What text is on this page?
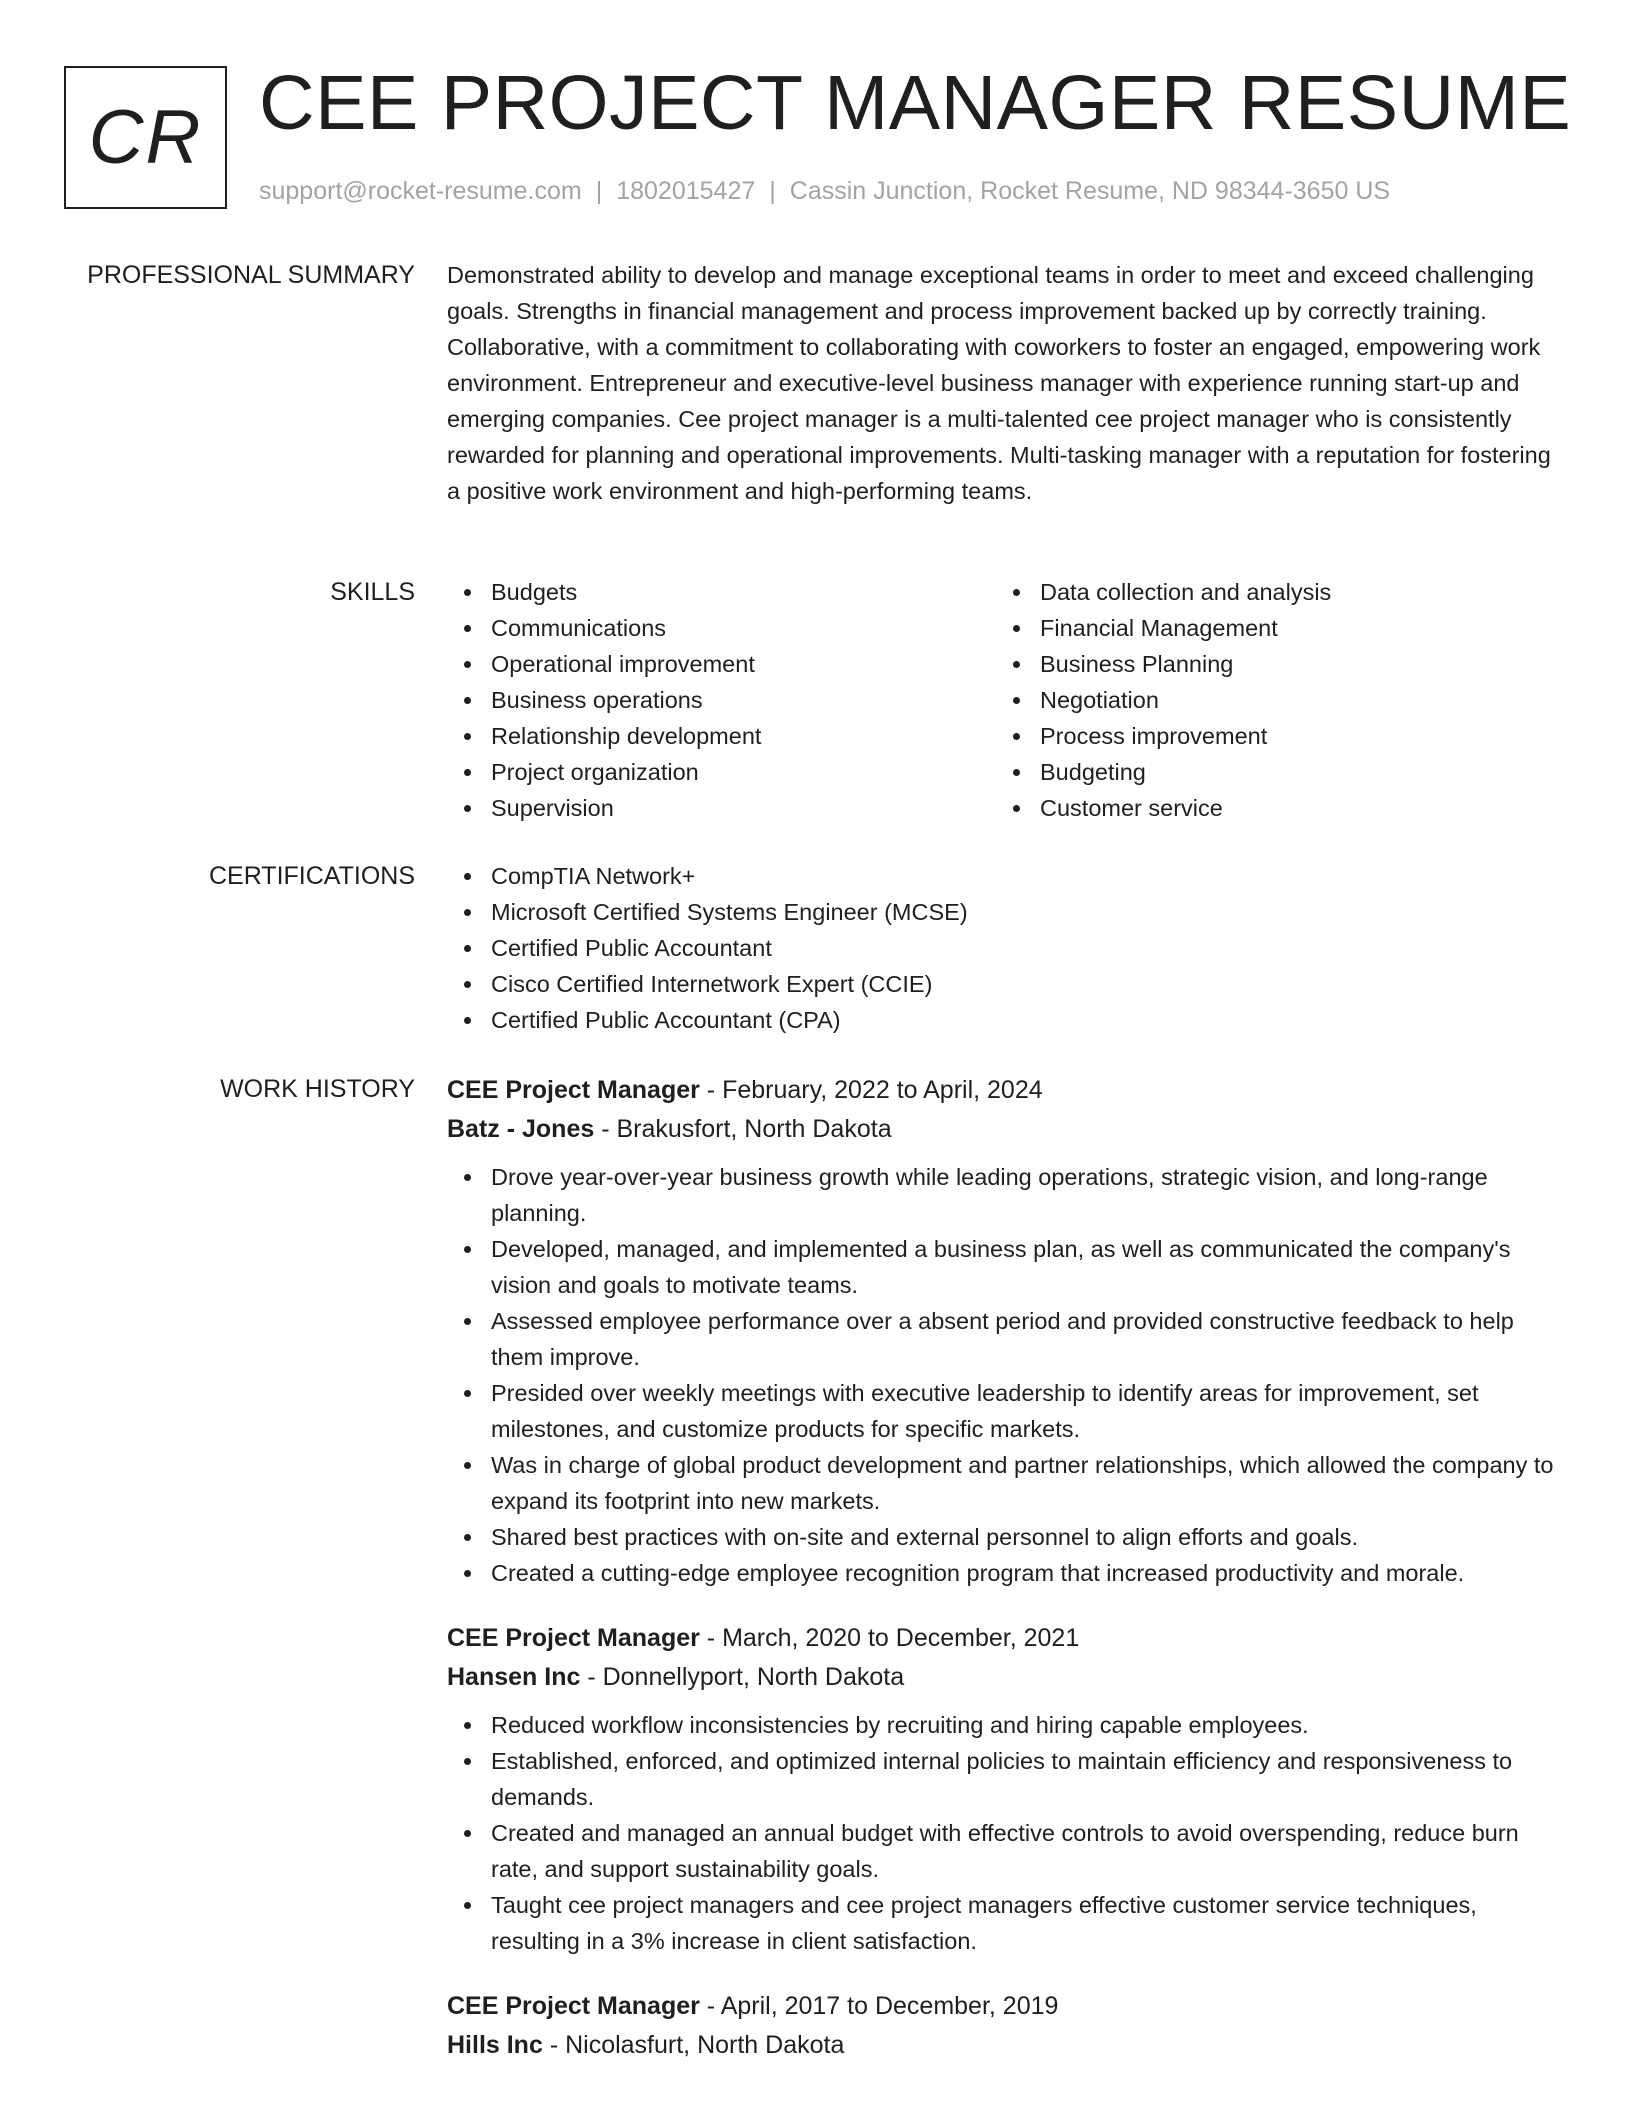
CR CEE PROJECT MANAGER RESUME
support@rocket-resume.com | 1802015427 | Cassin Junction, Rocket Resume, ND 98344-3650 US
PROFESSIONAL SUMMARY Demonstrated ability to develop and manage exceptional teams in order to meet and exceed challenging goals. Strengths in financial management and process improvement backed up by correctly training. Collaborative, with a commitment to collaborating with coworkers to foster an engaged, empowering work environment. Entrepreneur and executive-level business manager with experience running start-up and emerging companies. Cee project manager is a multi-talented cee project manager who is consistently rewarded for planning and operational improvements. Multi-tasking manager with a reputation for fostering a positive work environment and high-performing teams.

SKILLS	Budgets
Communications
Operational improvement
Business operations
Relationship development
Project organization
Supervision
Data collection and analysis
Financial Management
Business Planning
Negotiation
Process improvement
Budgeting
Customer service
CERTIFICATIONS	CompTIA Network+
Microsoft Certified Systems Engineer (MCSE)
Certified Public Accountant
Cisco Certified Internetwork Expert (CCIE)
Certified Public Accountant (CPA)
WORK HISTORY CEE Project Manager - February, 2022 to April, 2024
Batz - Jones - Brakusfort, North Dakota
Drove year-over-year business growth while leading operations, strategic vision, and long-range planning.
Developed, managed, and implemented a business plan, as well as communicated the company's vision and goals to motivate teams.
Assessed employee performance over a absent period and provided constructive feedback to help them improve.
Presided over weekly meetings with executive leadership to identify areas for improvement, set milestones, and customize products for specific markets.
Was in charge of global product development and partner relationships, which allowed the company to expand its footprint into new markets.
Shared best practices with on-site and external personnel to align efforts and goals.
Created a cutting-edge employee recognition program that increased productivity and morale.
CEE Project Manager - March, 2020 to December, 2021
Hansen Inc - Donnellyport, North Dakota
Reduced workflow inconsistencies by recruiting and hiring capable employees.
Established, enforced, and optimized internal policies to maintain efficiency and responsiveness to demands.
Created and managed an annual budget with effective controls to avoid overspending, reduce burn rate, and support sustainability goals.
Taught cee project managers and cee project managers effective customer service techniques, resulting in a 3% increase in client satisfaction.
CEE Project Manager - April, 2017 to December, 2019
Hills Inc - Nicolasfurt, North Dakota
